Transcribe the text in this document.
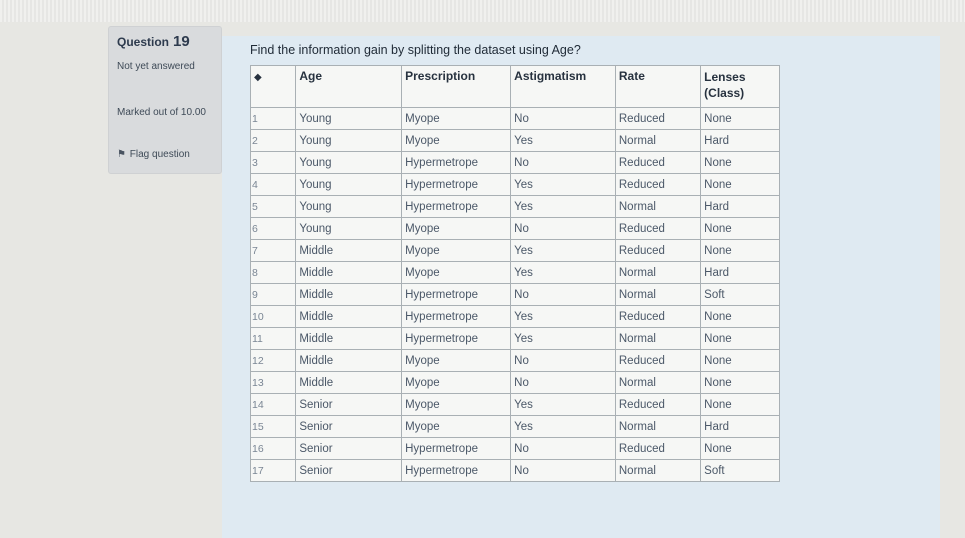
Question 19
Not yet answered
Marked out of 10.00
⚑ Flag question
Find the information gain by splitting the dataset using Age?
◆	Age	Prescription	Astigmatism	Rate	Lenses (Class)
1	Young	Myope	No	Reduced	None
2	Young	Myope	Yes	Normal	Hard
3	Young	Hypermetrope	No	Reduced	None
4	Young	Hypermetrope	Yes	Reduced	None
5	Young	Hypermetrope	Yes	Normal	Hard
6	Young	Myope	No	Reduced	None
7	Middle	Myope	Yes	Reduced	None
8	Middle	Myope	Yes	Normal	Hard
9	Middle	Hypermetrope	No	Normal	Soft
10	Middle	Hypermetrope	Yes	Reduced	None
11	Middle	Hypermetrope	Yes	Normal	None
12	Middle	Myope	No	Reduced	None
13	Middle	Myope	No	Normal	None
14	Senior	Myope	Yes	Reduced	None
15	Senior	Myope	Yes	Normal	Hard
16	Senior	Hypermetrope	No	Reduced	None
17	Senior	Hypermetrope	No	Normal	Soft
